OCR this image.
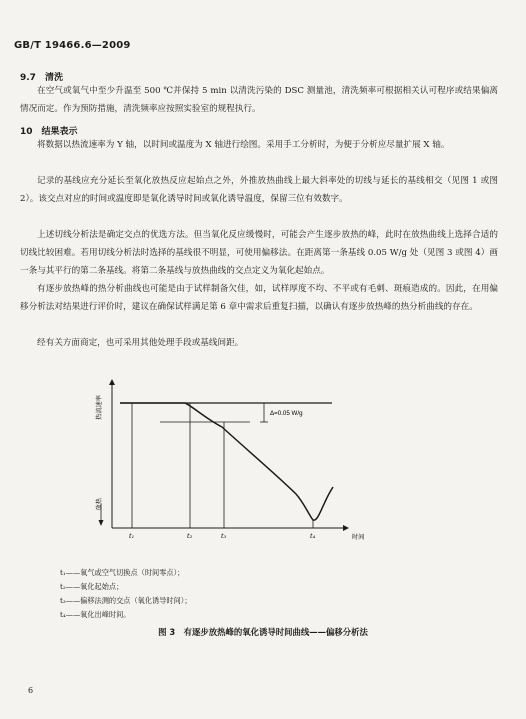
GB/T 19466.6—2009
9.7　清洗

在空气或氧气中至少升温至 500 ℃并保持 5 min 以清洗污染的 DSC 测量池，清洗频率可根据相关认可程序或结果偏离情况而定。作为预防措施，清洗频率应按照实验室的规程执行。

10　结果表示

将数据以热流速率为 Y 轴，以时间或温度为 X 轴进行绘图。采用手工分析时，为便于分析应尽量扩展 X 轴。

记录的基线应充分延长至氧化放热反应起始点之外，外推放热曲线上最大斜率处的切线与延长的基线相交（见图 1 或图 2）。该交点对应的时间或温度即是氧化诱导时间或氧化诱导温度，保留三位有效数字。

上述切线分析法是确定交点的优选方法。但当氧化反应缓慢时，可能会产生逐步放热的峰，此时在放热曲线上选择合适的切线比较困难。若用切线分析法时选择的基线很不明显，可使用偏移法。在距离第一条基线 0.05 W/g 处（见图 3 或图 4）画一条与其平行的第二条基线。将第二条基线与放热曲线的交点定义为氧化起始点。

有逐步放热峰的热分析曲线也可能是由于试样制备欠佳，如，试样厚度不均、不平或有毛刺、斑痕造成的。因此，在用偏移分析法对结果进行评价时，建议在确保试样满足第 6 章中需求后重复扫描，以确认有逐步放热峰的热分析曲线的存在。

经有关方面商定，也可采用其他处理手段或基线间距。

Δ=0.05 W/g
t₁	t₂	t₃	t₄	时间
热流速率
放热
t₁——氧气或空气切换点（时间零点）；
t₂——氧化起始点；
t₃——偏移法测的交点（氧化诱导时间）；
t₄——氧化出峰时间。
图 3　有逐步放热峰的氧化诱导时间曲线——偏移分析法
6
